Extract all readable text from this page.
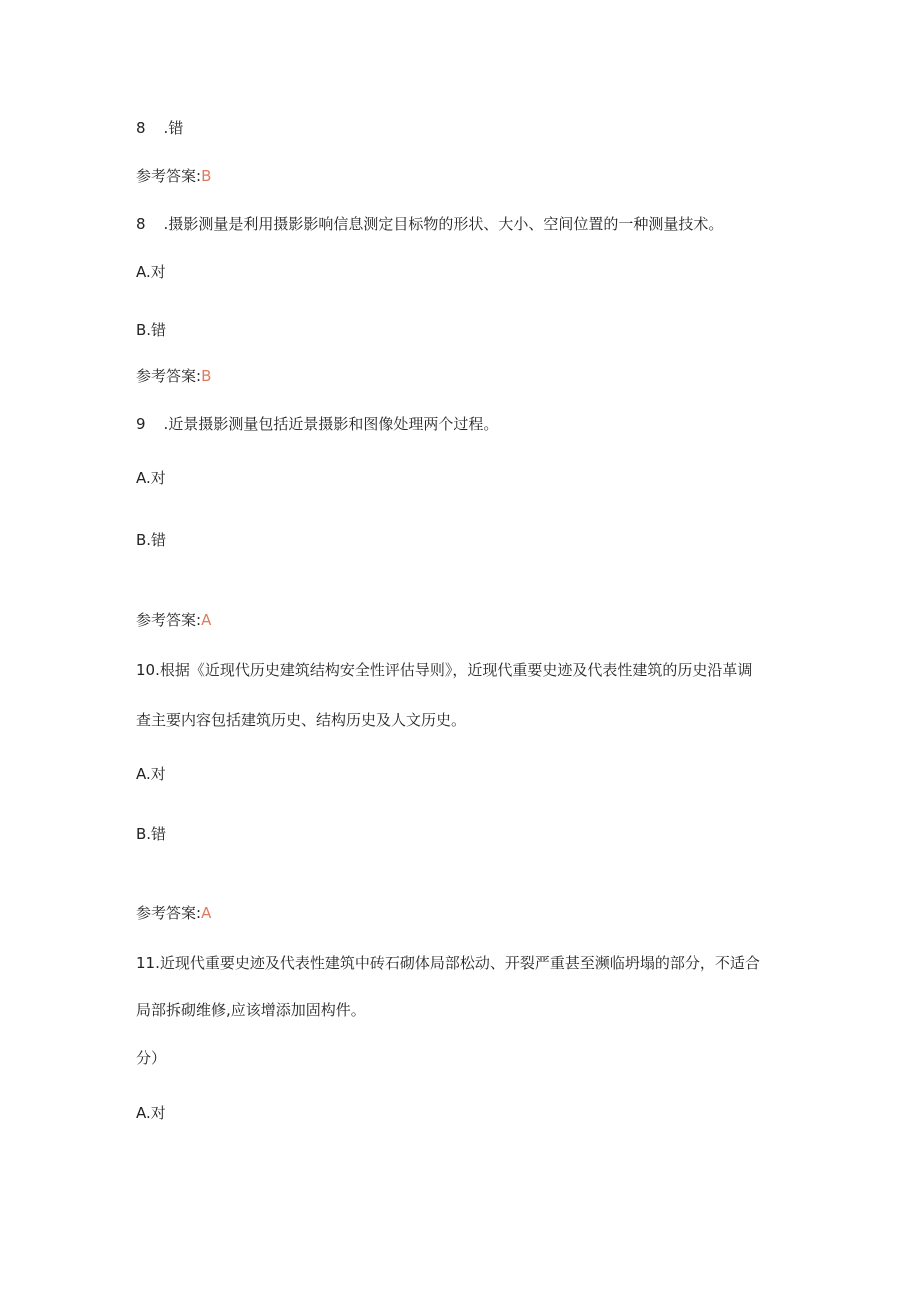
8 .错
参考答案:B
8 .摄影测量是利用摄影影响信息测定目标物的形状、大小、空间位置的一种测量技术。
A.对
B.错
参考答案:B
9 .近景摄影测量包括近景摄影和图像处理两个过程。
A.对
B.错
参考答案:A
10.根据《近现代历史建筑结构安全性评估导则》，近现代重要史迹及代表性建筑的历史沿革调
查主要内容包括建筑历史、结构历史及人文历史。
A.对
B.错
参考答案:A
11.近现代重要史迹及代表性建筑中砖石砌体局部松动、开裂严重甚至濒临坍塌的部分，不适合
局部拆砌维修,应该增添加固构件。
分）
A.对
